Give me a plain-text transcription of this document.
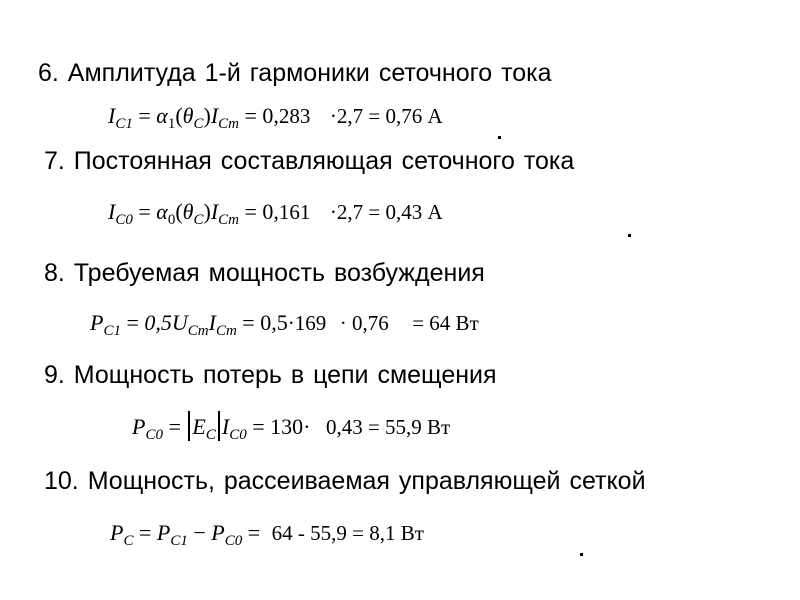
6. Амплитуда 1-й гармоники сеточного тока
$I_{C1} = \alpha_1(\theta_C)I_{Cm} = 0,283 \cdot 2,7 = 0,76$ А
7. Постоянная составляющая сеточного тока
$I_{C0} = \alpha_0(\theta_C)I_{Cm} = 0,161 \cdot 2,7 = 0,43$ А
8. Требуемая мощность возбуждения
$P_{C1} = 0,5U_{Cm}I_{Cm} = 0,5\cdot 169 \cdot 0,76 = 64$ Вт
9. Мощность потерь в цепи смещения
$P_{C0} = E_C$ $I_{C0} = 130\cdot 0,43 = 55,9$ Вт
10. Мощность, рассеиваемая управляющей сеткой
$P_C = P_{C1} - P_{C0} = 64 - 55,9 = 8,1$ Вт
